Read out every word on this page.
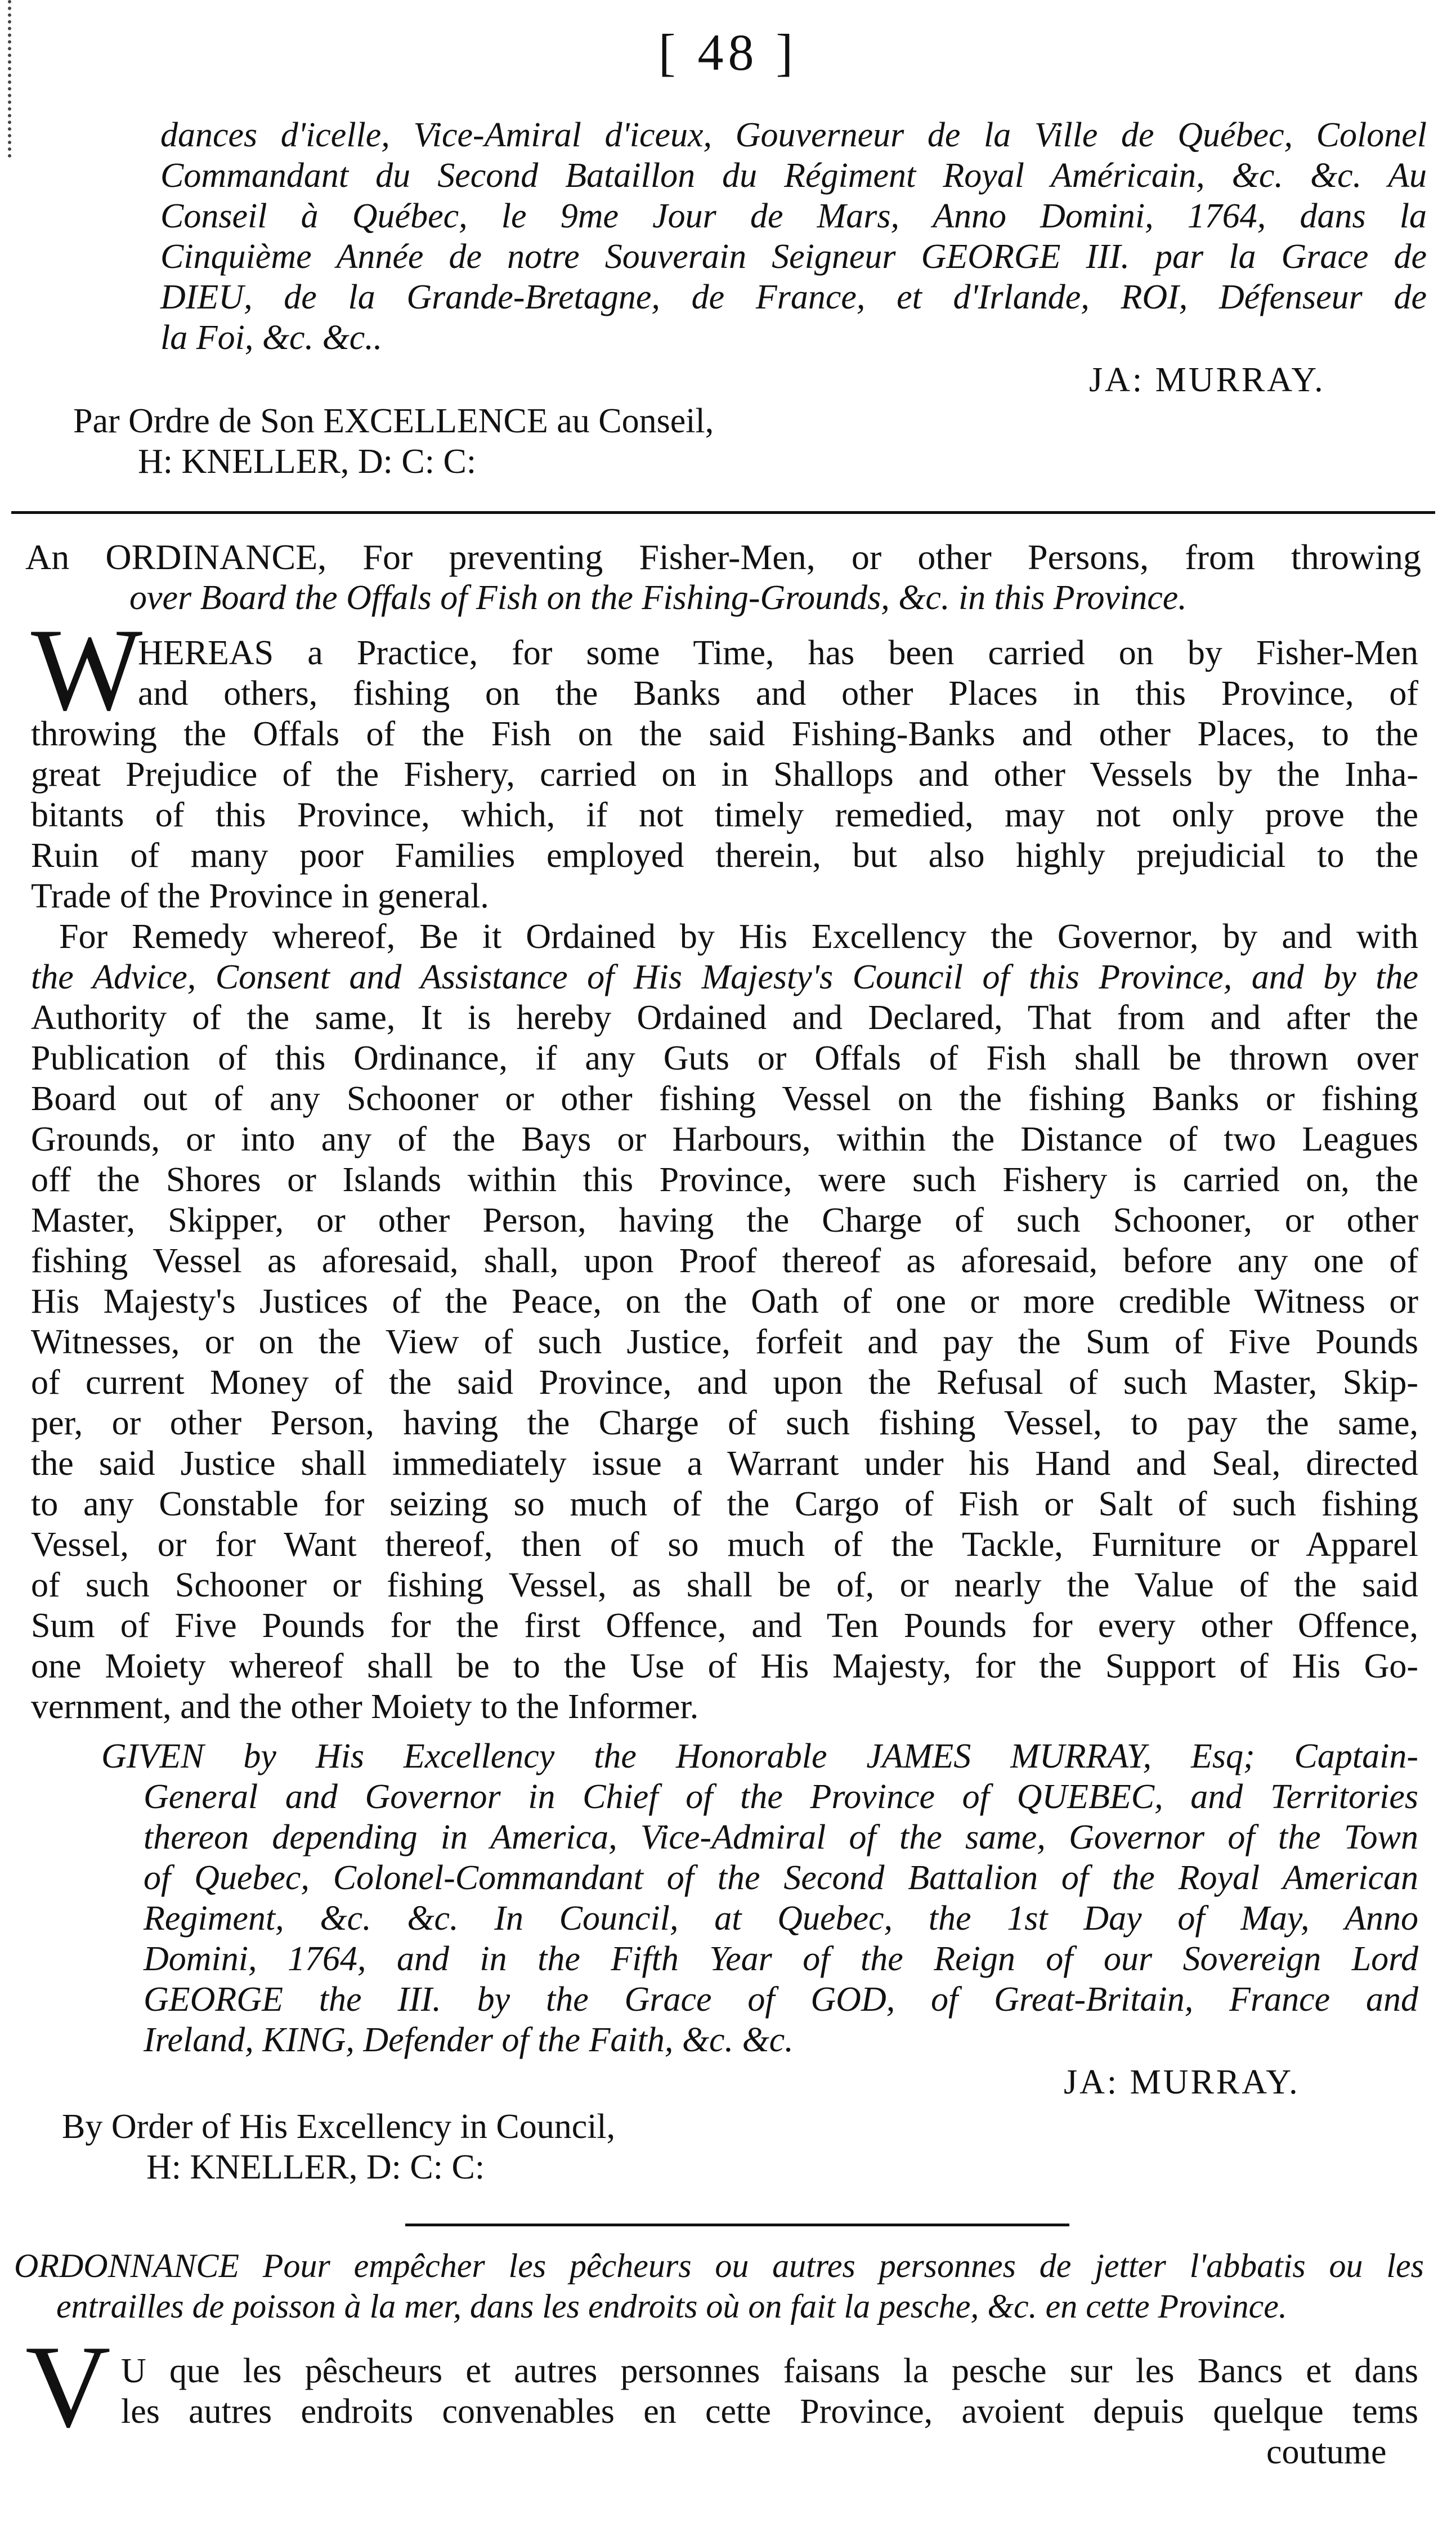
[ 48 ]
dances d'icelle, Vice-Amiral d'iceux, Gouverneur de la Ville de Québec, Colonel
Commandant du Second Bataillon du Régiment Royal Américain, &c. &c. Au
Conseil à Québec, le 9me Jour de Mars, Anno Domini, 1764, dans la
Cinquième Année de notre Souverain Seigneur GEORGE III. par la Grace de
DIEU, de la Grande-Bretagne, de France, et d'Irlande, ROI, Défenseur de
la Foi, &c. &c..
JA: MURRAY.
Par Ordre de Son EXCELLENCE au Conseil,
H: KNELLER, D: C: C:
An ORDINANCE, For preventing Fisher-Men, or other Persons, from throwing
over Board the Offals of Fish on the Fishing-Grounds, &c. in this Province.
W
HEREAS a Practice, for some Time, has been carried on by Fisher-Men
and others, fishing on the Banks and other Places in this Province, of
throwing the Offals of the Fish on the said Fishing-Banks and other Places, to the
great Prejudice of the Fishery, carried on in Shallops and other Vessels by the Inha-
bitants of this Province, which, if not timely remedied, may not only prove the
Ruin of many poor Families employed therein, but also highly prejudicial to the
Trade of the Province in general.
For Remedy whereof, Be it Ordained by His Excellency the Governor, by and with
the Advice, Consent and Assistance of His Majesty's Council of this Province, and by the
Authority of the same, It is hereby Ordained and Declared, That from and after the
Publication of this Ordinance, if any Guts or Offals of Fish shall be thrown over
Board out of any Schooner or other fishing Vessel on the fishing Banks or fishing
Grounds, or into any of the Bays or Harbours, within the Distance of two Leagues
off the Shores or Islands within this Province, were such Fishery is carried on, the
Master, Skipper, or other Person, having the Charge of such Schooner, or other
fishing Vessel as aforesaid, shall, upon Proof thereof as aforesaid, before any one of
His Majesty's Justices of the Peace, on the Oath of one or more credible Witness or
Witnesses, or on the View of such Justice, forfeit and pay the Sum of Five Pounds
of current Money of the said Province, and upon the Refusal of such Master, Skip-
per, or other Person, having the Charge of such fishing Vessel, to pay the same,
the said Justice shall immediately issue a Warrant under his Hand and Seal, directed
to any Constable for seizing so much of the Cargo of Fish or Salt of such fishing
Vessel, or for Want thereof, then of so much of the Tackle, Furniture or Apparel
of such Schooner or fishing Vessel, as shall be of, or nearly the Value of the said
Sum of Five Pounds for the first Offence, and Ten Pounds for every other Offence,
one Moiety whereof shall be to the Use of His Majesty, for the Support of His Go-
vernment, and the other Moiety to the Informer.
GIVEN by His Excellency the Honorable JAMES MURRAY, Esq; Captain-
General and Governor in Chief of the Province of QUEBEC, and Territories
thereon depending in America, Vice-Admiral of the same, Governor of the Town
of Quebec, Colonel-Commandant of the Second Battalion of the Royal American
Regiment, &c. &c. In Council, at Quebec, the 1st Day of May, Anno
Domini, 1764, and in the Fifth Year of the Reign of our Sovereign Lord
GEORGE the III. by the Grace of GOD, of Great-Britain, France and
Ireland, KING, Defender of the Faith, &c. &c.
JA: MURRAY.
By Order of His Excellency in Council,
H: KNELLER, D: C: C:
ORDONNANCE Pour empêcher les pêcheurs ou autres personnes de jetter l'abbatis ou les
entrailles de poisson à la mer, dans les endroits où on fait la pesche, &c. en cette Province.
V U que les pêscheurs et autres personnes faisans la pesche sur les Bancs et dans
les autres endroits convenables en cette Province, avoient depuis quelque tems
coutume
